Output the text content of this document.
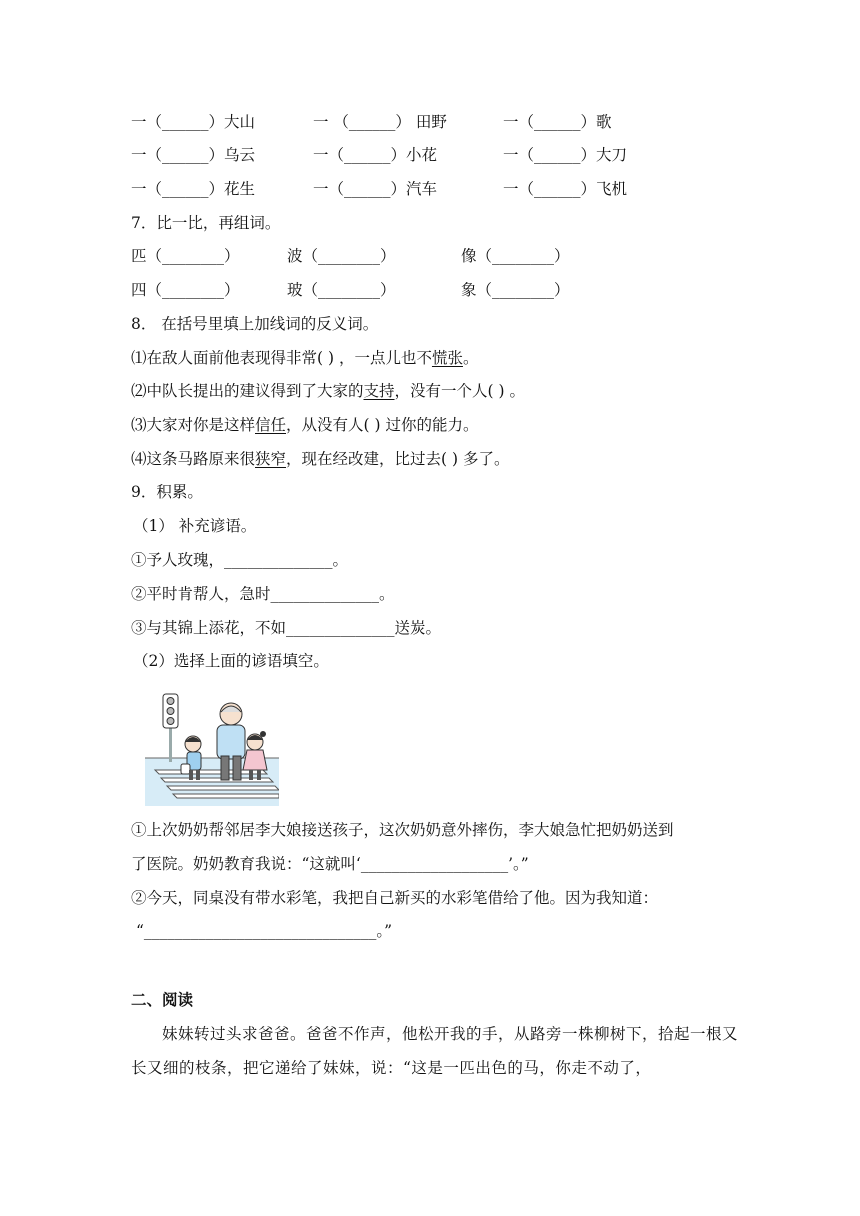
一（______）大山	一 （______） 田野	一（______）歌
一（______）乌云	一（______）小花	一（______）大刀
一（______）花生	一（______）汽车	一（______）飞机
7．比一比，再组词。
匹（________）	波（________）	像（________）
四（________）	玻（________）	象（________）
8． 在括号里填上加线词的反义词。
⑴在敌人面前他表现得非常( ) ，一点儿也不慌张。
⑵中队长提出的建议得到了大家的支持，没有一个人( ) 。
⑶大家对你是这样信任，从没有人( ) 过你的能力。
⑷这条马路原来很狭窄，现在经改建，比过去( ) 多了。
9．积累。
（1） 补充谚语。
①予人玫瑰，______________。
②平时肯帮人，急时______________。
③与其锦上添花，不如______________送炭。
（2）选择上面的谚语填空。
①上次奶奶帮邻居李大娘接送孩子，这次奶奶意外摔伤，李大娘急忙把奶奶送到
了医院。奶奶教育我说：“这就叫‘___________________’。”
②今天，同桌没有带水彩笔，我把自己新买的水彩笔借给了他。因为我知道：
“______________________________。”
二、阅读
妹妹转过头求爸爸。爸爸不作声，他松开我的手，从路旁一株柳树下，拾起一根又长又细的枝条，把它递给了妹妹，说：“这是一匹出色的马，你走不动了，
